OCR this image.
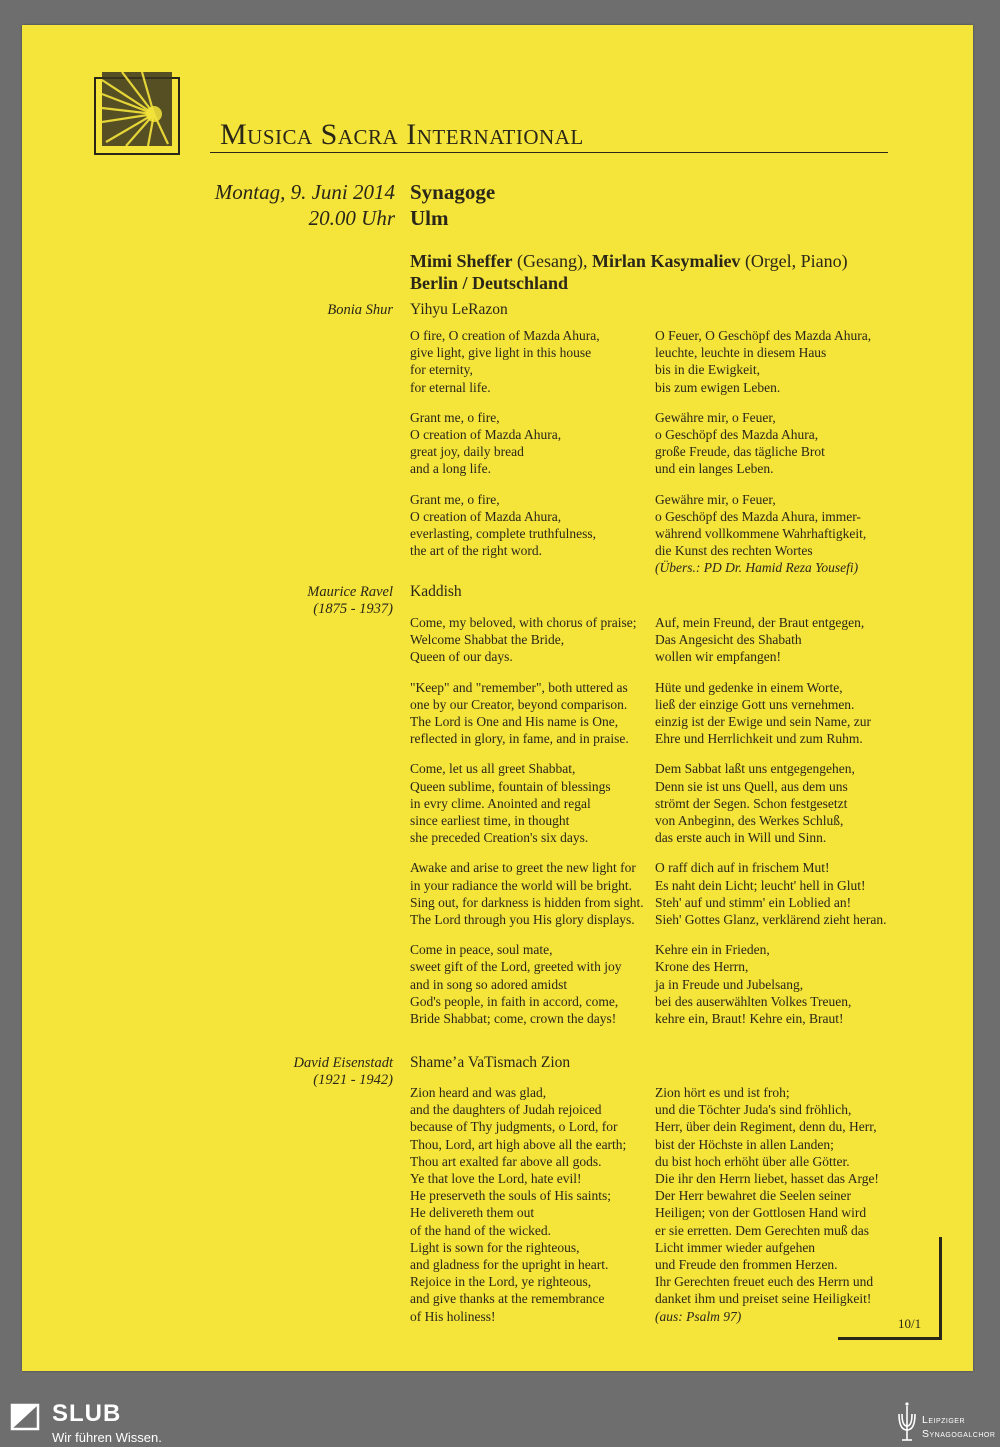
Musica Sacra International
Montag, 9. Juni 2014
20.00 Uhr
Synagoge
Ulm
Mimi Sheffer (Gesang), Mirlan Kasymaliev (Orgel, Piano)
Berlin / Deutschland
Bonia Shur Yihyu LeRazon
O fire, O creation of Mazda Ahura,
give light, give light in this house
for eternity,
for eternal life.
Grant me, o fire,
O creation of Mazda Ahura,
great joy, daily bread
and a long life.
Grant me, o fire,
O creation of Mazda Ahura,
everlasting, complete truthfulness,
the art of the right word.
O Feuer, O Geschöpf des Mazda Ahura,
leuchte, leuchte in diesem Haus
bis in die Ewigkeit,
bis zum ewigen Leben.
Gewähre mir, o Feuer,
o Geschöpf des Mazda Ahura,
große Freude, das tägliche Brot
und ein langes Leben.
Gewähre mir, o Feuer,
o Geschöpf des Mazda Ahura, immer-
während vollkommene Wahrhaftigkeit,
die Kunst des rechten Wortes
(Übers.: PD Dr. Hamid Reza Yousefi)
Maurice Ravel
(1875 - 1937)
Kaddish
Come, my beloved, with chorus of praise;
Welcome Shabbat the Bride,
Queen of our days.
"Keep" and "remember", both uttered as
one by our Creator, beyond comparison.
The Lord is One and His name is One,
reflected in glory, in fame, and in praise.
Come, let us all greet Shabbat,
Queen sublime, fountain of blessings
in evry clime. Anointed and regal
since earliest time, in thought
she preceded Creation's six days.
Awake and arise to greet the new light for
in your radiance the world will be bright.
Sing out, for darkness is hidden from sight.
The Lord through you His glory displays.
Come in peace, soul mate,
sweet gift of the Lord, greeted with joy
and in song so adored amidst
God's people, in faith in accord, come,
Bride Shabbat; come, crown the days!
Auf, mein Freund, der Braut entgegen,
Das Angesicht des Shabath
wollen wir empfangen!
Hüte und gedenke in einem Worte,
ließ der einzige Gott uns vernehmen.
einzig ist der Ewige und sein Name, zur
Ehre und Herrlichkeit und zum Ruhm.
Dem Sabbat laßt uns entgegengehen,
Denn sie ist uns Quell, aus dem uns
strömt der Segen. Schon festgesetzt
von Anbeginn, des Werkes Schluß,
das erste auch in Will und Sinn.
O raff dich auf in frischem Mut!
Es naht dein Licht; leucht' hell in Glut!
Steh' auf und stimm' ein Loblied an!
Sieh' Gottes Glanz, verklärend zieht heran.
Kehre ein in Frieden,
Krone des Herrn,
ja in Freude und Jubelsang,
bei des auserwählten Volkes Treuen,
kehre ein, Braut! Kehre ein, Braut!
David Eisenstadt
(1921 - 1942)
Shame’a VaTismach Zion
Zion heard and was glad,
and the daughters of Judah rejoiced
because of Thy judgments, o Lord, for
Thou, Lord, art high above all the earth;
Thou art exalted far above all gods.
Ye that love the Lord, hate evil!
He preserveth the souls of His saints;
He delivereth them out
of the hand of the wicked.
Light is sown for the righteous,
and gladness for the upright in heart.
Rejoice in the Lord, ye righteous,
and give thanks at the remembrance
of His holiness!
Zion hört es und ist froh;
und die Töchter Juda's sind fröhlich,
Herr, über dein Regiment, denn du, Herr,
bist der Höchste in allen Landen;
du bist hoch erhöht über alle Götter.
Die ihr den Herrn liebet, hasset das Arge!
Der Herr bewahret die Seelen seiner
Heiligen; von der Gottlosen Hand wird
er sie erretten. Dem Gerechten muß das
Licht immer wieder aufgehen
und Freude den frommen Herzen.
Ihr Gerechten freuet euch des Herrn und
danket ihm und preiset seine Heiligkeit!
(aus: Psalm 97)	10/1
SLUB
Wir führen Wissen.
Leipziger
Synagogalchor
